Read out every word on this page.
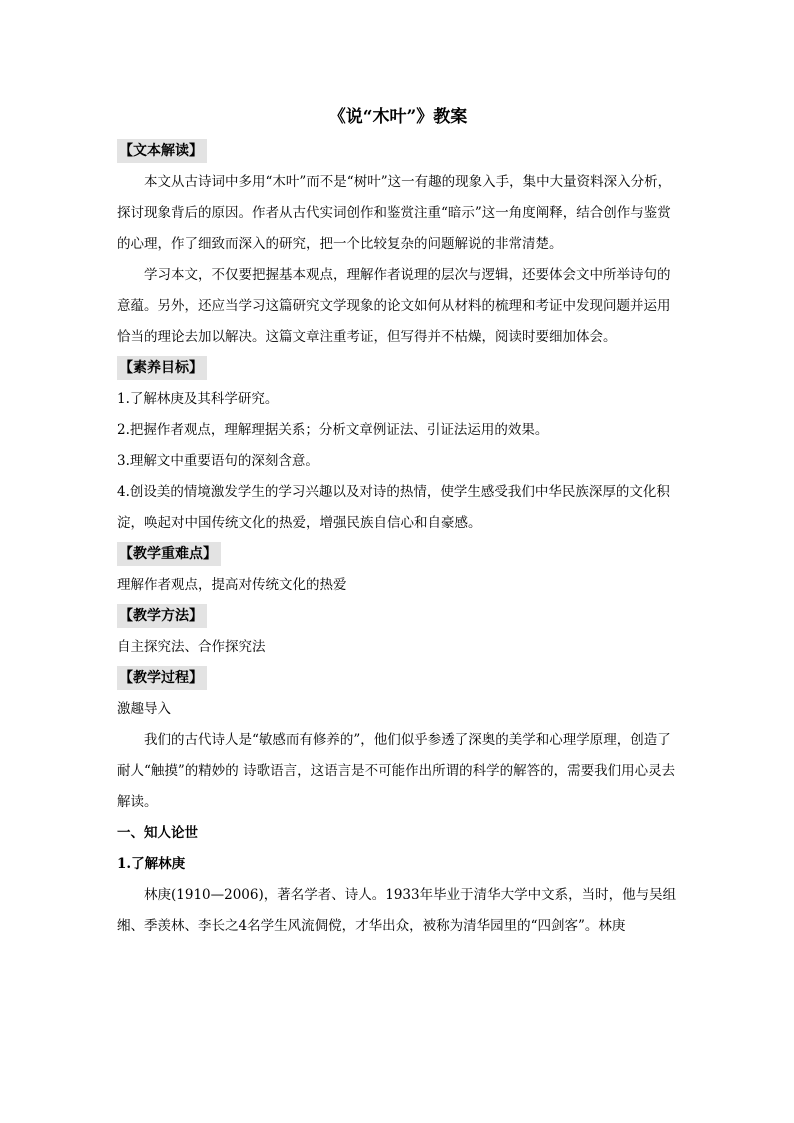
《说“木叶”》教案

【文本解读】

本文从古诗词中多用“木叶”而不是“树叶”这一有趣的现象入手，集中大量资料深入分析，探讨现象背后的原因。作者从古代实词创作和鉴赏注重“暗示”这一角度阐释，结合创作与鉴赏的心理，作了细致而深入的研究，把一个比较复杂的问题解说的非常清楚。

学习本文，不仅要把握基本观点，理解作者说理的层次与逻辑，还要体会文中所举诗句的意蕴。另外，还应当学习这篇研究文学现象的论文如何从材料的梳理和考证中发现问题并运用恰当的理论去加以解决。这篇文章注重考证，但写得并不枯燥，阅读时要细加体会。

【素养目标】

1.了解林庚及其科学研究。

2.把握作者观点，理解理据关系；分析文章例证法、引证法运用的效果。

3.理解文中重要语句的深刻含意。

4.创设美的情境激发学生的学习兴趣以及对诗的热情，使学生感受我们中华民族深厚的文化积淀，唤起对中国传统文化的热爱，增强民族自信心和自豪感。

【教学重难点】

理解作者观点，提高对传统文化的热爱

【教学方法】

自主探究法、合作探究法

【教学过程】

激趣导入

我们的古代诗人是“敏感而有修养的”，他们似乎参透了深奥的美学和心理学原理，创造了耐人“触摸”的精妙的 诗歌语言，这语言是不可能作出所谓的科学的解答的，需要我们用心灵去解读。

一、知人论世

1.了解林庚

林庚(1910—2006)，著名学者、诗人。1933年毕业于清华大学中文系，当时，他与吴组缃、季羡林、李长之4名学生风流倜傥，才华出众，被称为清华园里的“四剑客”。林庚
